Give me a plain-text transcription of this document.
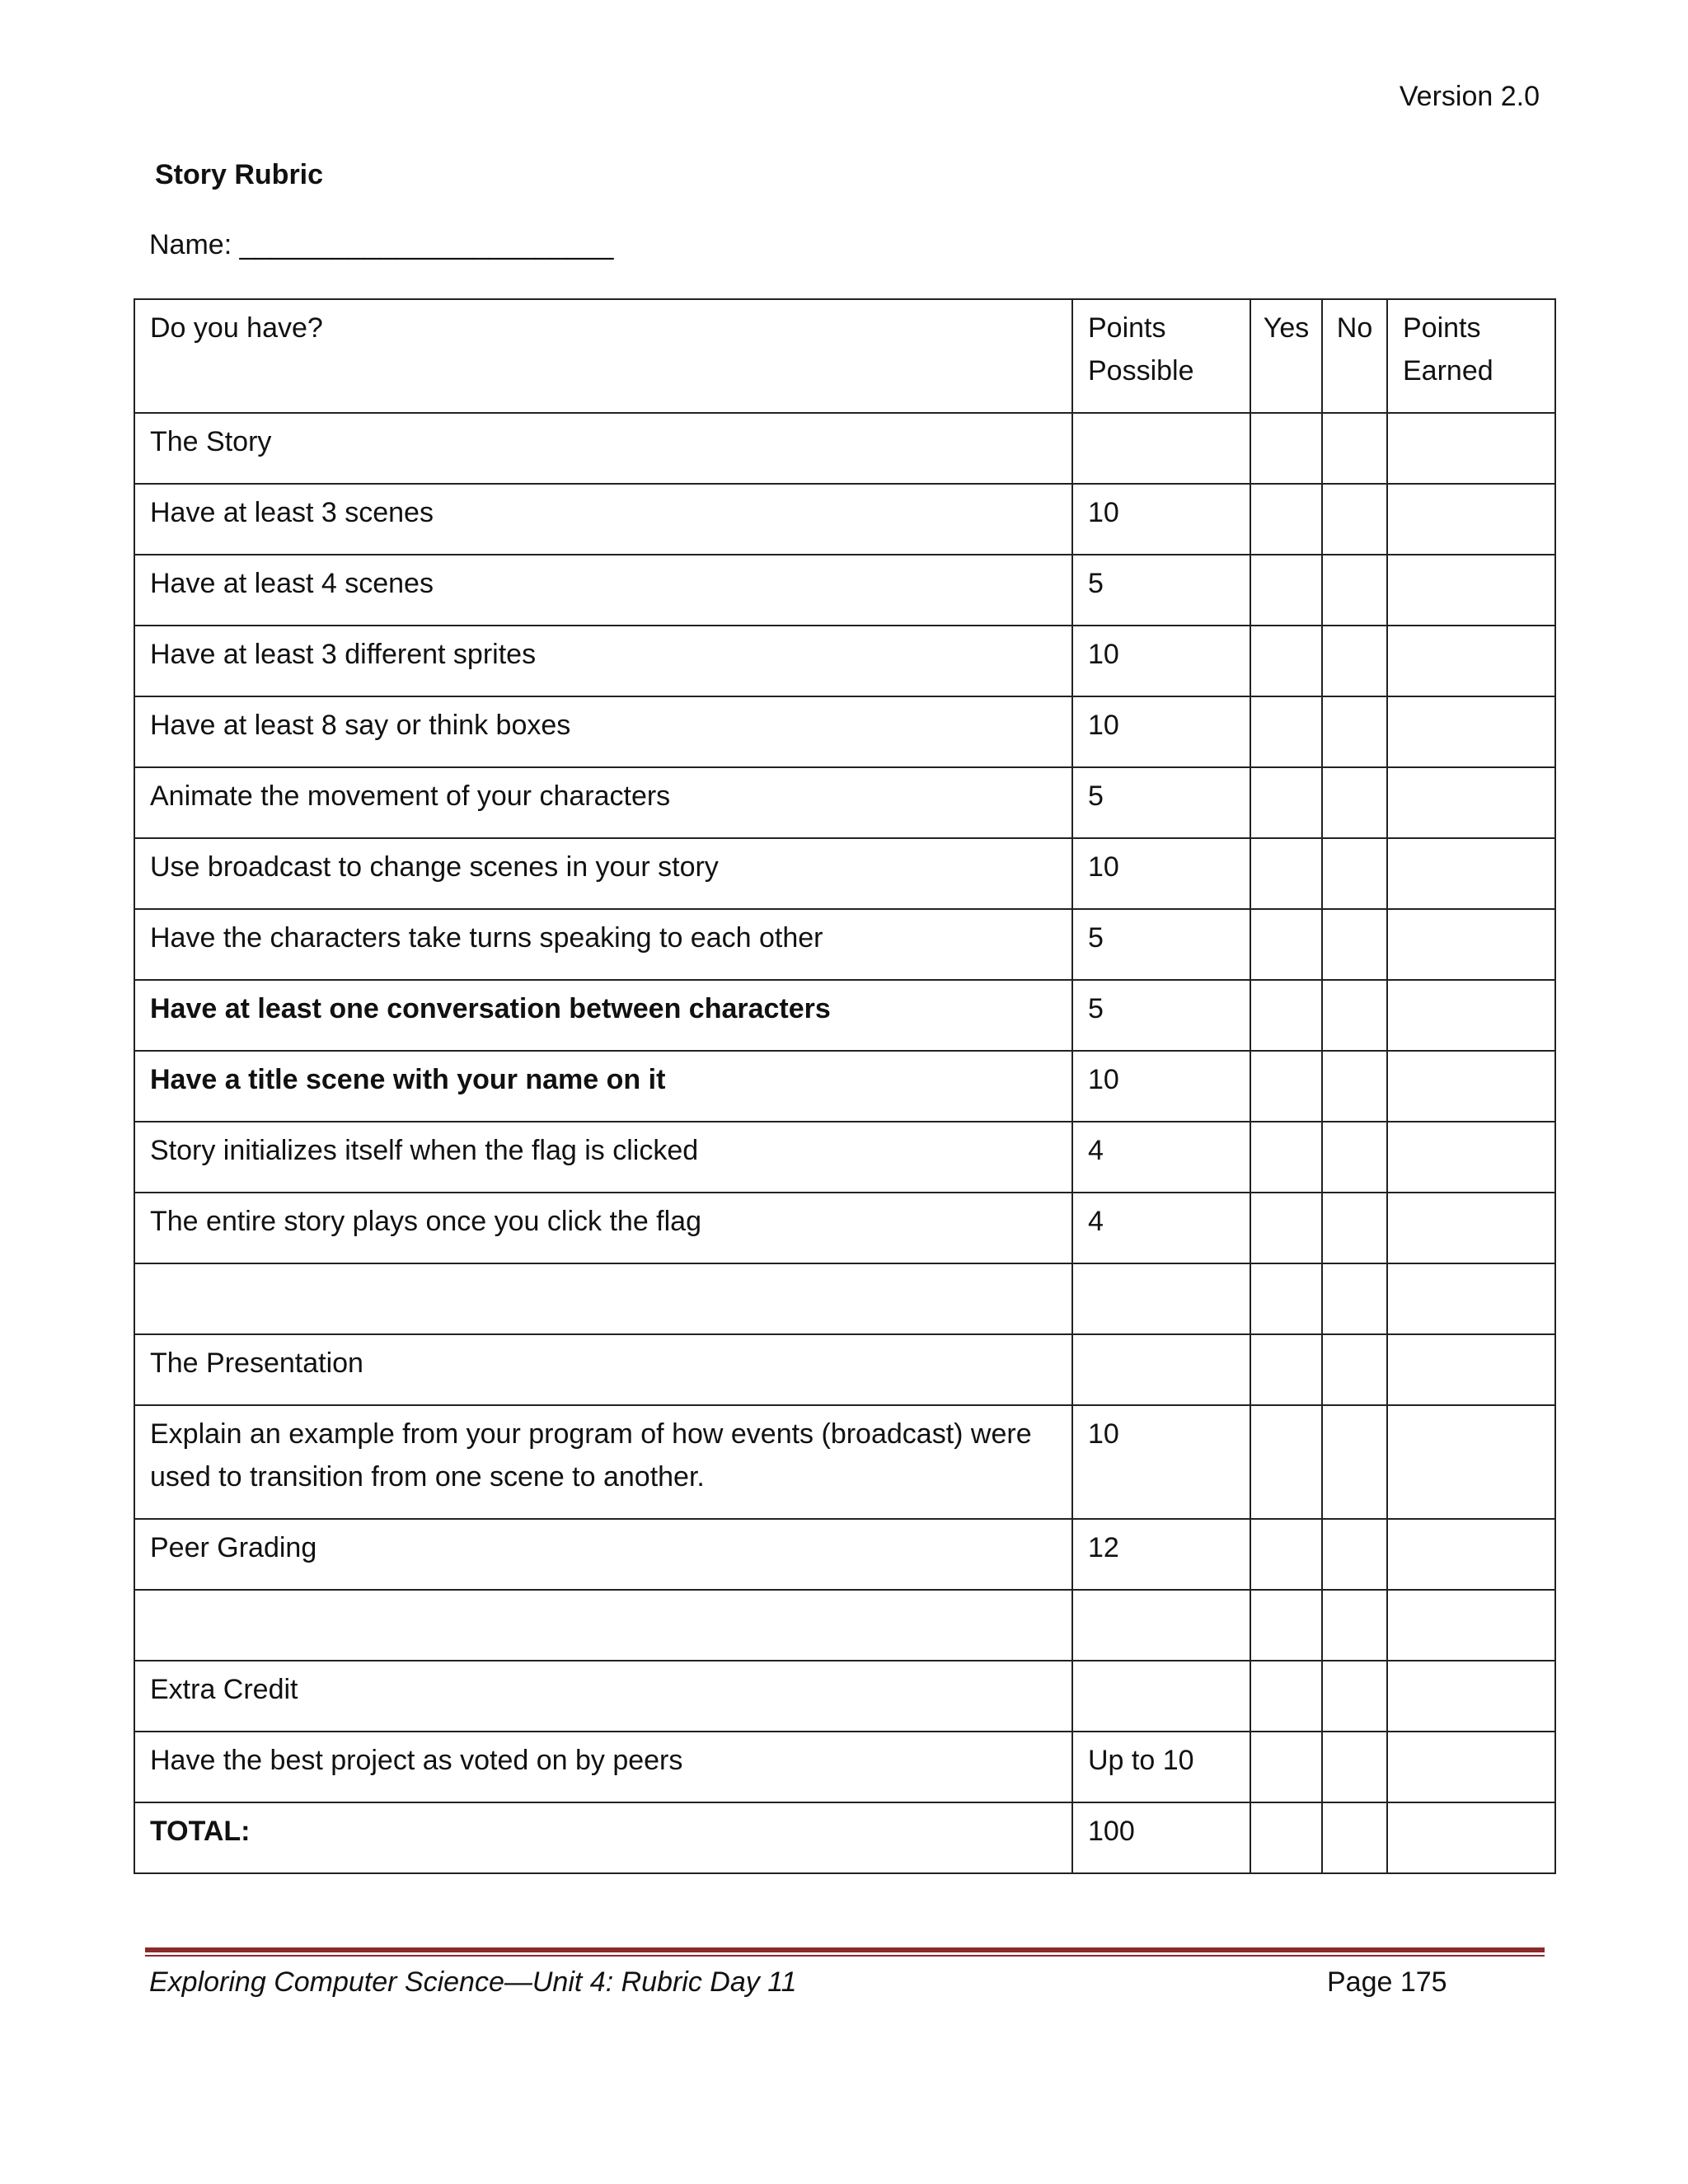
Version 2.0
Story Rubric
Name: ________________________
Do you have?	Points Possible	Yes	No	Points Earned
The Story				
Have at least 3 scenes	10			
Have at least 4 scenes	5			
Have at least 3 different sprites	10			
Have at least 8 say or think boxes	10			
Animate the movement of your characters	5			
Use broadcast to change scenes in your story	10			
Have the characters take turns speaking to each other	5			
Have at least one conversation between characters	5			
Have a title scene with your name on it	10			
Story initializes itself when the flag is clicked	4			
The entire story plays once you click the flag	4			

The Presentation				
Explain an example from your program of how events (broadcast) were used to transition from one scene to another.	10			
Peer Grading	12			

Extra Credit				
Have the best project as voted on by peers	Up to 10			
TOTAL:	100			
Exploring Computer Science—Unit 4: Rubric Day 11	Page 175
